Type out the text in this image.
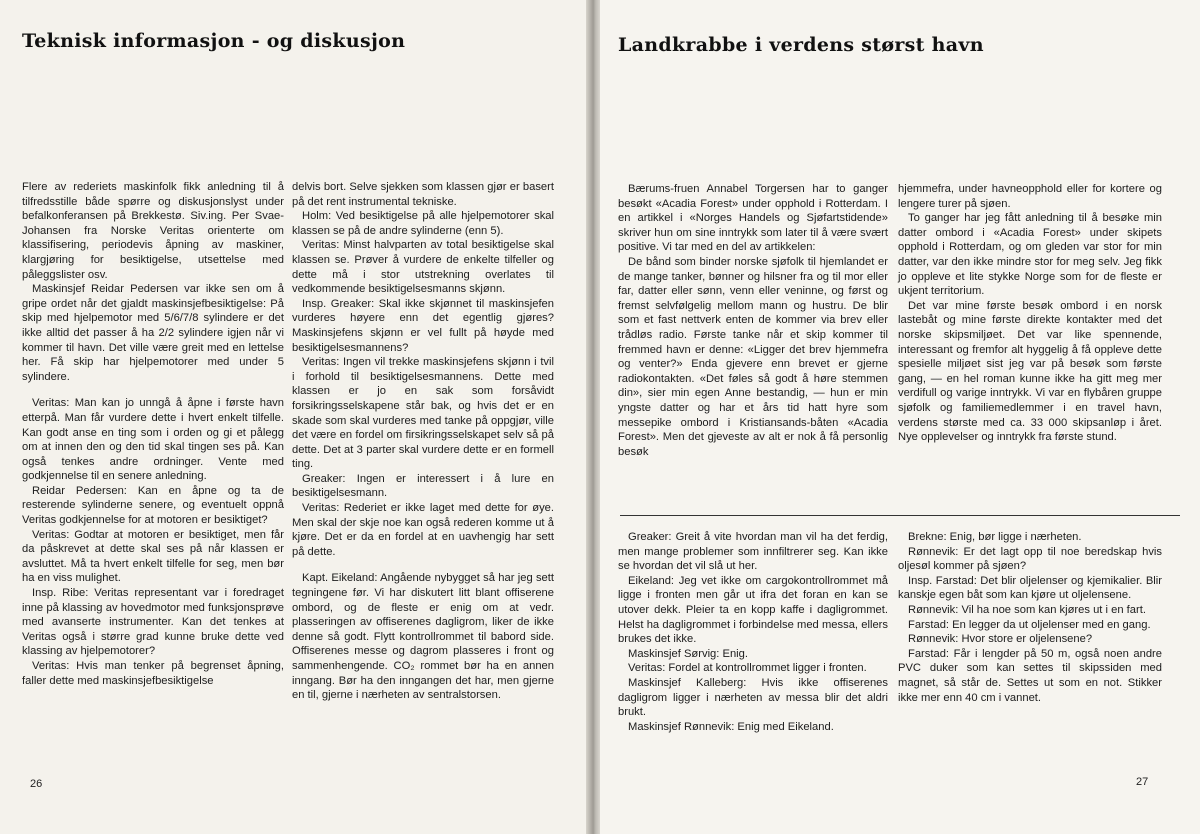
Teknisk informasjon - og diskusjon

Flere av rederiets maskinfolk fikk anledning til å tilfredsstille både spørre og diskusjonslyst under befalkonferansen på Brekkestø. Siv.ing. Per Svae-Johansen fra Norske Veritas orienterte om klassifisering, periodevis åpning av maskiner, klargjøring for besiktigelse, utsettelse med påleggslister osv.

Maskinsjef Reidar Pedersen var ikke sen om å gripe ordet når det gjaldt maskinsjefbesiktigelse: På skip med hjelpemotor med 5/6/7/8 sylindere er det ikke alltid det passer å ha 2/2 sylindere igjen når vi kommer til havn. Det ville være greit med en lettelse her. Få skip har hjelpemotorer med under 5 sylindere.

Veritas: Man kan jo unngå å åpne i første havn etterpå. Man får vurdere dette i hvert enkelt tilfelle. Kan godt anse en ting som i orden og gi et pålegg om at innen den og den tid skal tingen ses på. Kan også tenkes andre ordninger. Vente med godkjennelse til en senere anledning.

Reidar Pedersen: Kan en åpne og ta de resterende sylinderne senere, og eventuelt oppnå Veritas godkjennelse for at motoren er besiktiget?

Veritas: Godtar at motoren er besiktiget, men får da påskrevet at dette skal ses på når klassen er avsluttet. Må ta hvert enkelt tilfelle for seg, men bør ha en viss mulighet.

Insp. Ribe: Veritas representant var i foredraget inne på klassing av hovedmotor med funksjonsprøve med avanserte instrumenter. Kan det tenkes at Veritas også i større grad kunne bruke dette ved klassing av hjelpemotorer?

Veritas: Hvis man tenker på begrenset åpning, faller dette med maskinsjefbesiktigelse

delvis bort. Selve sjekken som klassen gjør er basert på det rent instrumental tekniske.

Holm: Ved besiktigelse på alle hjelpemotorer skal klassen se på de andre sylinderne (enn 5).

Veritas: Minst halvparten av total besiktigelse skal klassen se. Prøver å vurdere de enkelte tilfeller og dette må i stor utstrekning overlates til vedkommende besiktigelsesmanns skjønn.

Insp. Greaker: Skal ikke skjønnet til maskinsjefen vurderes høyere enn det egentlig gjøres? Maskinsjefens skjønn er vel fullt på høyde med besiktigelsesmannens?

Veritas: Ingen vil trekke maskinsjefens skjønn i tvil i forhold til besiktigelsesmannens. Dette med klassen er jo en sak som forsåvidt forsikringsselskapene står bak, og hvis det er en skade som skal vurderes med tanke på oppgjør, ville det være en fordel om firsikringsselskapet selv så på dette. Det at 3 parter skal vurdere dette er en formell ting.

Greaker: Ingen er interessert i å lure en besiktigelsesmann.

Veritas: Rederiet er ikke laget med dette for øye. Men skal der skje noe kan også rederen komme ut å kjøre. Det er da en fordel at en uavhengig har sett på dette.

Kapt. Eikeland: Angående nybygget så har jeg sett tegningene før. Vi har diskutert litt blant offiserene ombord, og de fleste er enig om at vedr. plasseringen av offiserenes dagligrom, liker de ikke denne så godt. Flytt kontrollrommet til babord side. Offiserenes messe og dagrom plasseres i front og sammenhengende. CO₂ rommet bør ha en annen inngang. Bør ha den inngangen det har, men gjerne en til, gjerne i nærheten av sentralstorsen.

26
Landkrabbe i verdens størst havn

Bærums-fruen Annabel Torgersen har to ganger besøkt «Acadia Forest» under opphold i Rotterdam. I en artikkel i «Norges Handels og Sjøfartstidende» skriver hun om sine inntrykk som later til å være svært positive. Vi tar med en del av artikkelen:

De bånd som binder norske sjøfolk til hjemlandet er de mange tanker, bønner og hilsner fra og til mor eller far, datter eller sønn, venn eller veninne, og først og fremst selvfølgelig mellom mann og hustru. De blir som et fast nettverk enten de kommer via brev eller trådløs radio. Første tanke når et skip kommer til fremmed havn er denne: «Ligger det brev hjemmefra og venter?» Enda gjevere enn brevet er gjerne radiokontakten. «Det føles så godt å høre stemmen din», sier min egen Anne bestandig, — hun er min yngste datter og har et års tid hatt hyre som messepike ombord i Kristiansands-båten «Acadia Forest». Men det gjeveste av alt er nok å få personlig besøk

hjemmefra, under havneopphold eller for kortere og lengere turer på sjøen.

To ganger har jeg fått anledning til å besøke min datter ombord i «Acadia Forest» under skipets opphold i Rotterdam, og om gleden var stor for min datter, var den ikke mindre stor for meg selv. Jeg fikk jo oppleve et lite stykke Norge som for de fleste er ukjent territorium.

Det var mine første besøk ombord i en norsk lastebåt og mine første direkte kontakter med det norske skipsmiljøet. Det var like spennende, interessant og fremfor alt hyggelig å få oppleve dette spesielle miljøet sist jeg var på besøk som første gang, — en hel roman kunne ikke ha gitt meg mer verdifull og varige inntrykk. Vi var en flybåren gruppe sjøfolk og familiemedlemmer i en travel havn, verdens største med ca. 33 000 skipsanløp i året. Nye opplevelser og inntrykk fra første stund.

Greaker: Greit å vite hvordan man vil ha det ferdig, men mange problemer som innfiltrerer seg. Kan ikke se hvordan det vil slå ut her.

Eikeland: Jeg vet ikke om cargokontrollrommet må ligge i fronten men går ut ifra det foran en kan se utover dekk. Pleier ta en kopp kaffe i dagligrommet. Helst ha dagligrommet i forbindelse med messa, ellers brukes det ikke.

Maskinsjef Sørvig: Enig.

Veritas: Fordel at kontrollrommet ligger i fronten.

Maskinsjef Kalleberg: Hvis ikke offiserenes dagligrom ligger i nærheten av messa blir det aldri brukt.

Maskinsjef Rønnevik: Enig med Eikeland.

Brekne: Enig, bør ligge i nærheten.

Rønnevik: Er det lagt opp til noe beredskap hvis oljesøl kommer på sjøen?

Insp. Farstad: Det blir oljelenser og kjemikalier. Blir kanskje egen båt som kan kjøre ut oljelensene.

Rønnevik: Vil ha noe som kan kjøres ut i en fart.

Farstad: En legger da ut oljelenser med en gang.

Rønnevik: Hvor store er oljelensene?

Farstad: Får i lengder på 50 m, også noen andre PVC duker som kan settes til skipssiden med magnet, så står de. Settes ut som en not. Stikker ikke mer enn 40 cm i vannet.

27
